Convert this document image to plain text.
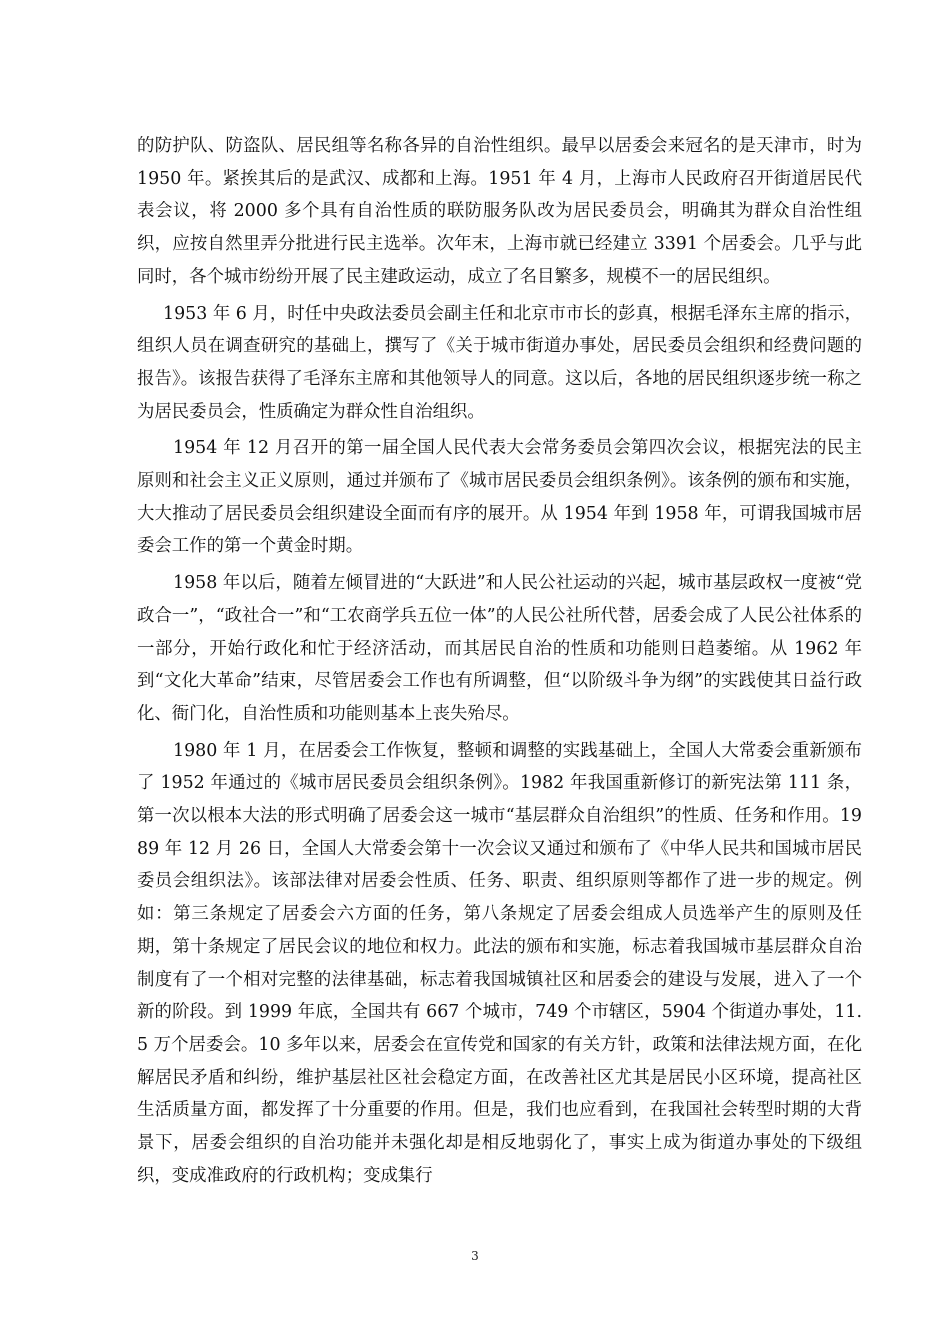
的防护队、防盗队、居民组等名称各异的自治性组织。最早以居委会来冠名的是天津市，时为 1950 年。紧挨其后的是武汉、成都和上海。1951 年 4 月，上海市人民政府召开街道居民代表会议，将 2000 多个具有自治性质的联防服务队改为居民委员会，明确其为群众自治性组织，应按自然里弄分批进行民主选举。次年末，上海市就已经建立 3391 个居委会。几乎与此同时，各个城市纷纷开展了民主建政运动，成立了名目繁多，规模不一的居民组织。

1953 年 6 月，时任中央政法委员会副主任和北京市市长的彭真，根据毛泽东主席的指示，组织人员在调查研究的基础上，撰写了《关于城市街道办事处，居民委员会组织和经费问题的报告》。该报告获得了毛泽东主席和其他领导人的同意。这以后，各地的居民组织逐步统一称之为居民委员会，性质确定为群众性自治组织。

1954 年 12 月召开的第一届全国人民代表大会常务委员会第四次会议，根据宪法的民主原则和社会主义正义原则，通过并颁布了《城市居民委员会组织条例》。该条例的颁布和实施，大大推动了居民委员会组织建设全面而有序的展开。从 1954 年到 1958 年，可谓我国城市居委会工作的第一个黄金时期。

1958 年以后，随着左倾冒进的“大跃进”和人民公社运动的兴起，城市基层政权一度被“党政合一”，“政社合一”和“工农商学兵五位一体”的人民公社所代替，居委会成了人民公社体系的一部分，开始行政化和忙于经济活动，而其居民自治的性质和功能则日趋萎缩。从 1962 年到“文化大革命”结束，尽管居委会工作也有所调整，但“以阶级斗争为纲”的实践使其日益行政化、衙门化，自治性质和功能则基本上丧失殆尽。

1980 年 1 月，在居委会工作恢复，整顿和调整的实践基础上，全国人大常委会重新颁布了 1952 年通过的《城市居民委员会组织条例》。1982 年我国重新修订的新宪法第 111 条，第一次以根本大法的形式明确了居委会这一城市“基层群众自治组织”的性质、任务和作用。1989 年 12 月 26 日，全国人大常委会第十一次会议又通过和颁布了《中华人民共和国城市居民委员会组织法》。该部法律对居委会性质、任务、职责、组织原则等都作了进一步的规定。例如：第三条规定了居委会六方面的任务，第八条规定了居委会组成人员选举产生的原则及任期，第十条规定了居民会议的地位和权力。此法的颁布和实施，标志着我国城市基层群众自治制度有了一个相对完整的法律基础，标志着我国城镇社区和居委会的建设与发展，进入了一个新的阶段。到 1999 年底，全国共有 667 个城市，749 个市辖区，5904 个街道办事处，11.5 万个居委会。10 多年以来，居委会在宣传党和国家的有关方针，政策和法律法规方面，在化解居民矛盾和纠纷，维护基层社区社会稳定方面，在改善社区尤其是居民小区环境，提高社区生活质量方面，都发挥了十分重要的作用。但是，我们也应看到，在我国社会转型时期的大背景下，居委会组织的自治功能并未强化却是相反地弱化了，事实上成为街道办事处的下级组织，变成准政府的行政机构；变成集行

3
